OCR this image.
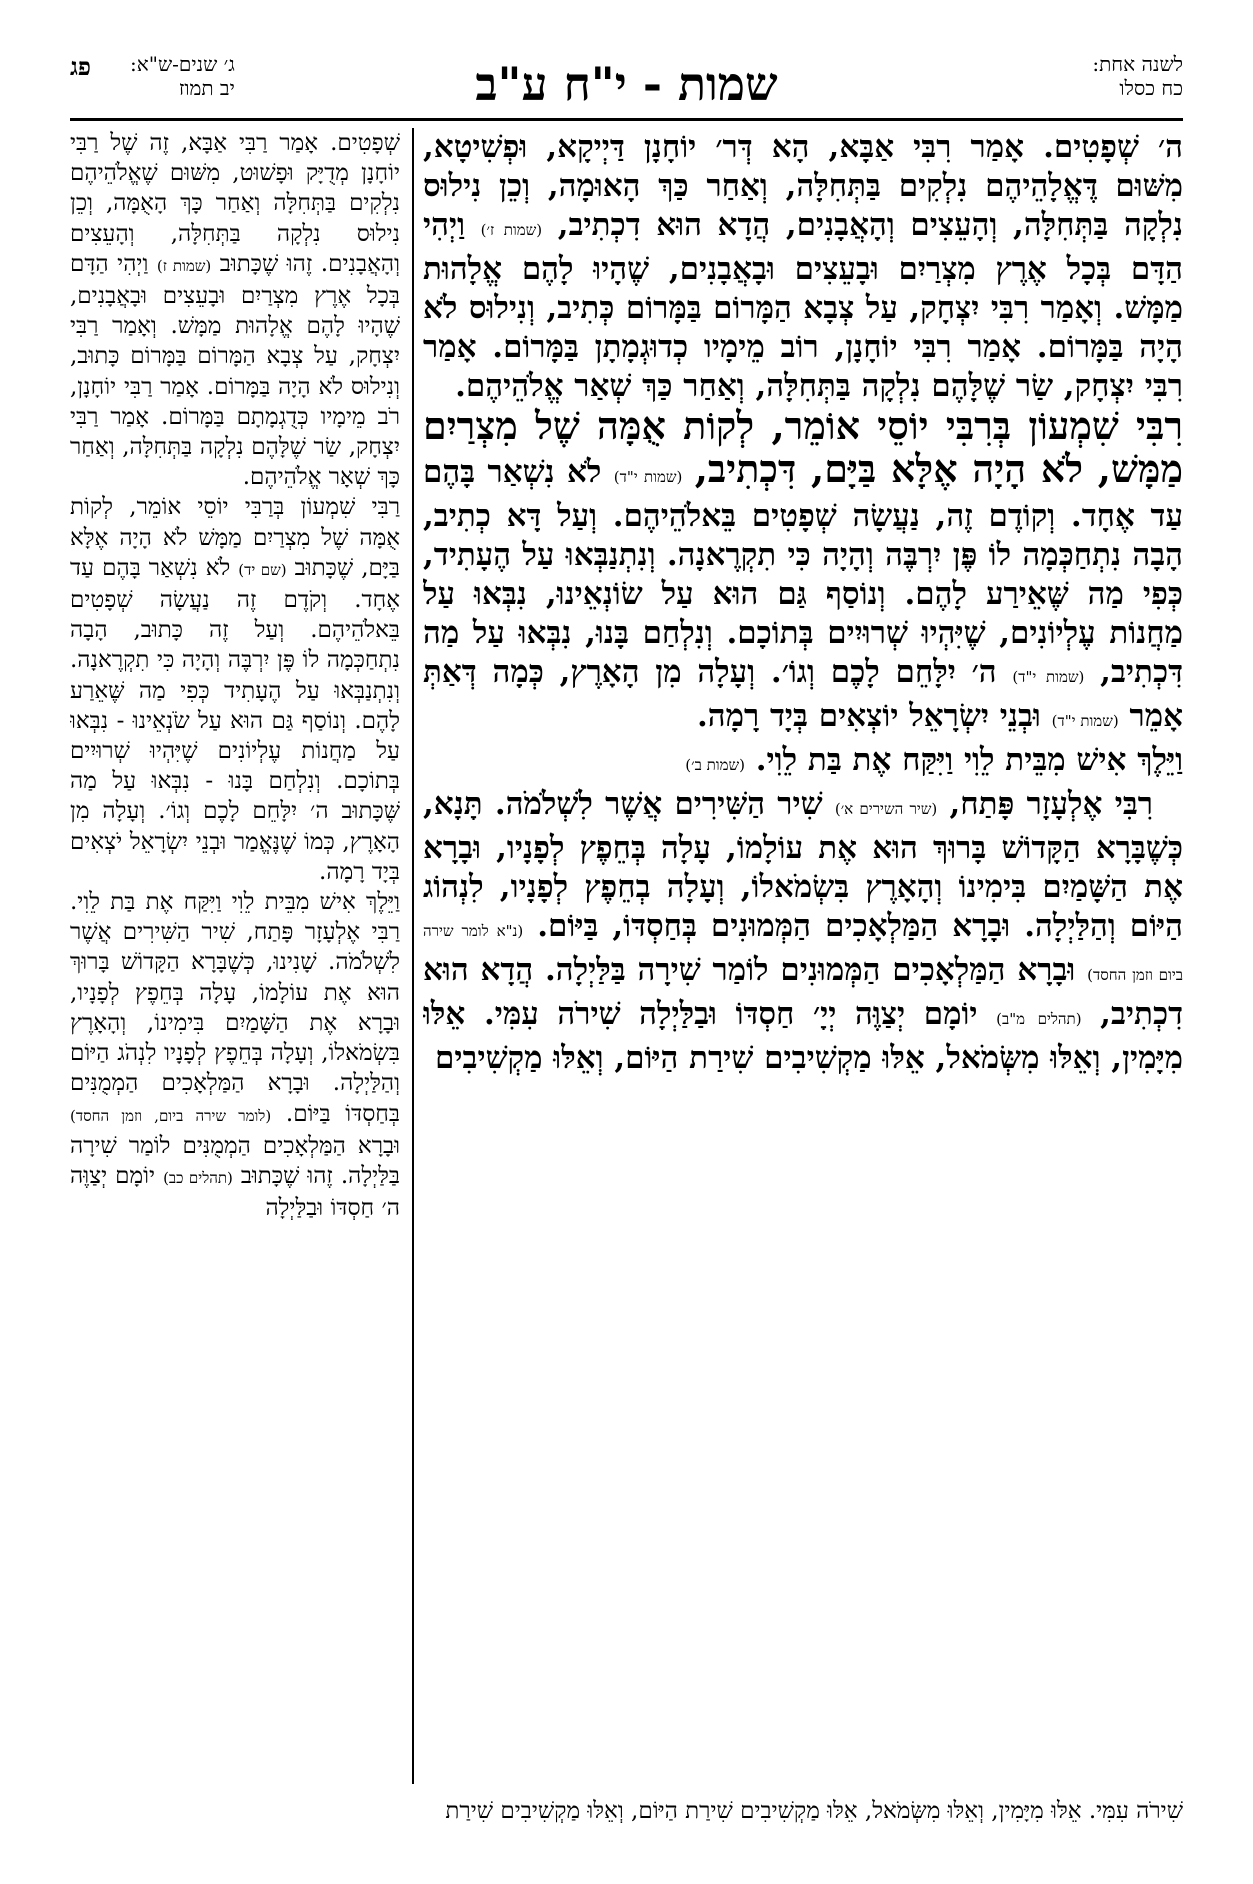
לשנה אחת:
כח כסלו
שמות - י"ח ע"ב
ג׳ שנים-ש"א:
יב תמוז
פג

ה׳ שְׁפָטִים. אָמַר רִבִּי אַבָּא, הָא דְּר׳ יוֹחָנָן דַּיְיקָא, וּפְשִׁיטָא, מִשּׁוּם דֶּאֱלָהֵיהֶם נִלְקִים בַּתְּחִלָּה, וְאַחַר כַּךְ הָאוּמָה, וְכֵן נִילוּס נִלְקָה בַּתְּחִלָּה, וְהָעֵצִים וְהָאֲבָנִים, הֲדָא הוּא דִכְתִיב, (שמות ז׳) וַיְהִי הַדָּם בְּכָל אֶרֶץ מִצְרַיִם וּבָעֵצִים וּבָאֲבָנִים, שֶׁהָיוּ לָהֶם אֱלָהוּת מַמָּשׁ. וְאָמַר רִבִּי יִצְחָק, עַל צְבָא הַמָּרוֹם בַּמָּרוֹם כְּתִיב, וְנִילוּס לֹא הָיָה בַּמָּרוֹם. אָמַר רִבִּי יוֹחָנָן, רוֹב מֵימָיו כְדוּגְמָתָן בַּמָּרוֹם. אָמַר רִבִּי יִצְחָק, שַׂר שֶׁלָּהֶם נִלְקָה בַּתְּחִלָּה, וְאַחַר כַּךְ שְׁאַר אֱלֹהֵיהֶם.

רִבִּי שִׁמְעוֹן בְּרִבִּי יוֹסֵי אוֹמֵר, לְקוֹת אֻמָּה שֶׁל מִצְרַיִם מַמָּשׁ, לֹא הָיָה אֶלָּא בַּיָּם, דִּכְתִיב, (שמות י"ד) לֹא נִשְׁאַר בָּהֶם עַד אֶחָד. וְקוֹדֶם זֶה, נַעֲשָׂה שְׁפָטִים בֵּאלֹהֵיהֶם. וְעַל דָּא כְתִיב, הָבָה נִתְחַכְּמָה לוֹ פֶּן יִרְבֶּה וְהָיָה כִּי תִקְרֶאנָה. וְנִתְנַבְּאוּ עַל הֶעָתִיד, כְּפִי מַה שֶּׁאֵירַע לָהֶם. וְנוֹסַף גַּם הוּא עַל שׂוֹנְאֵינוּ, נִבְּאוּ עַל מַחֲנוֹת עֶלְיוֹנִים, שֶׁיִּהְיוּ שְׁרוּיִים בְּתוֹכָם. וְנִלְחַם בָּנוּ, נִבְּאוּ עַל מַה דִּכְתִיב, (שמות י"ד) ה׳ יִלָּחֵם לָכֶם וְגוֹ׳. וְעָלָה מִן הָאָרֶץ, כְּמָה דְּאַתְּ אָמֵר (שמות י"ד) וּבְנֵי יִשְׂרָאֵל יוֹצְאִים בְּיָד רָמָה.

וַיֵּלֶךְ אִישׁ מִבֵּית לֵוִי וַיִּקַּח אֶת בַּת לֵוִי. (שמות ב׳)

רִבִּי אֶלְעָזָר פָּתַח, (שיר השירים א׳) שִׁיר הַשִּׁירִים אֲשֶׁר לִשְׁלֹמֹה. תָּנָא, כְּשֶׁבָּרָא הַקָּדוֹשׁ בָּרוּךְ הוּא אֶת עוֹלָמוֹ, עָלָה בְּחֵפֶץ לְפָנָיו, וּבָרָא אֶת הַשָּׁמַיִם בִּימִינוֹ וְהָאָרֶץ בִּשְׂמֹאלוֹ, וְעָלָה בְחֵפֶץ לְפָנָיו, לִנְהוֹג הַיּוֹם וְהַלַּיְלָה. וּבָרָא הַמַּלְאָכִים הַמְּמוּנִים בְּחַסְדּוֹ, בַּיּוֹם. (נ"א לומר שירה ביום וזמן החסד) וּבָרָא הַמַּלְאָכִים הַמְּמוּנִים לוֹמַר שִׁירָה בַּלַּיְלָה. הֲדָא הוּא דִכְתִיב, (תהלים מ"ב) יוֹמָם יְצַוֶּה יְיָ׳ חַסְדּוֹ וּבַלַּיְלָה שִׁירֹה עִמִּי. אֵלּוּ מִיָּמִין, וְאֵלּוּ מִשְּׂמֹאל, אֵלּוּ מַקְשִׁיבִים שִׁירַת הַיּוֹם, וְאֵלּוּ מַקְשִׁיבִים

שְׁפָטִים. אָמַר רַבִּי אַבָּא, זֶה שֶׁל רַבִּי יוֹחָנָן מְדֻיָּק וּפָשׁוּט, מִשּׁוּם שֶׁאֱלֹהֵיהֶם נִלְקִים בַּתְּחִלָּה וְאַחַר כָּךְ הָאֻמָּה, וְכֵן נִילוּס נִלְקָה בַּתְּחִלָּה, וְהָעֵצִים וְהָאֲבָנִים. זֶהוּ שֶׁכָּתוּב (שמות ז) וַיְהִי הַדָּם בְּכָל אֶרֶץ מִצְרַיִם וּבָעֵצִים וּבָאֲבָנִים, שֶׁהָיוּ לָהֶם אֱלָהוּת מַמָּשׁ. וְאָמַר רַבִּי יִצְחָק, עַל צְבָא הַמָּרוֹם בַּמָּרוֹם כָּתוּב, וְנִילוּס לֹא הָיָה בַּמָּרוֹם. אָמַר רַבִּי יוֹחָנָן, רֹב מֵימָיו כְּדֻגְמָתָם בַּמָּרוֹם. אָמַר רַבִּי יִצְחָק, שַׂר שֶׁלָּהֶם נִלְקָה בַּתְּחִלָּה, וְאַחַר כָּךְ שְׁאָר אֱלֹהֵיהֶם.

רַבִּי שִׁמְעוֹן בְּרַבִּי יוֹסֵי אוֹמֵר, לְקוֹת אֻמָּה שֶׁל מִצְרַיִם מַמָּשׁ לֹא הָיָה אֶלָּא בַּיָּם, שֶׁכָּתוּב (שם יד) לֹא נִשְׁאַר בָּהֶם עַד אֶחָד. וְקֹדֶם זֶה נַעֲשָׂה שְׁפָטִים בֵּאלֹהֵיהֶם. וְעַל זֶה כָּתוּב, הָבָה נִתְחַכְּמָה לוֹ פֶּן יִרְבֶּה וְהָיָה כִּי תִקְרֶאנָה. וְנִתְנַבְּאוּ עַל הֶעָתִיד כְּפִי מַה שֶּׁאֵרַע לָהֶם. וְנוֹסַף גַּם הוּא עַל שֹׂנְאֵינוּ - נִבְּאוּ עַל מַחֲנוֹת עֶלְיוֹנִים שֶׁיִּהְיוּ שְׁרוּיִים בְּתוֹכָם. וְנִלְחַם בָּנוּ - נִבְּאוּ עַל מַה שֶּׁכָּתוּב ה׳ יִלָּחֵם לָכֶם וְגוֹ׳. וְעָלָה מִן הָאָרֶץ, כְּמוֹ שֶׁנֶּאֱמַר וּבְנֵי יִשְׂרָאֵל יֹצְאִים בְּיָד רָמָה.

וַיֵּלֶךְ אִישׁ מִבֵּית לֵוִי וַיִּקַּח אֶת בַּת לֵוִי. רַבִּי אֶלְעָזָר פָּתַח, שִׁיר הַשִּׁירִים אֲשֶׁר לִשְׁלֹמֹה. שָׁנִינוּ, כְּשֶׁבָּרָא הַקָּדוֹשׁ בָּרוּךְ הוּא אֶת עוֹלָמוֹ, עָלָה בְּחֵפֶץ לְפָנָיו, וּבָרָא אֶת הַשָּׁמַיִם בִּימִינוֹ, וְהָאָרֶץ בִּשְׂמֹאלוֹ, וְעָלָה בְּחֵפֶץ לְפָנָיו לִנְהֹג הַיּוֹם וְהַלַּיְלָה. וּבָרָא הַמַּלְאָכִים הַמְמֻנִּים בְּחַסְדּוֹ בַּיּוֹם. (לומר שירה ביום, וזמן החסד) וּבָרָא הַמַּלְאָכִים הַמְמֻנִּים לוֹמַר שִׁירָה בַּלַּיְלָה. זֶהוּ שֶׁכָּתוּב (תהלים כב) יוֹמָם יְצַוֶּה ה׳ חַסְדּוֹ וּבַלַּיְלָה

שִׁירֹה עִמִּי. אֵלּוּ מִיָּמִין, וְאֵלּוּ מִשְּׂמֹאל, אֵלּוּ מַקְשִׁיבִים שִׁירַת הַיּוֹם, וְאֵלּוּ מַקְשִׁיבִים שִׁירַת
